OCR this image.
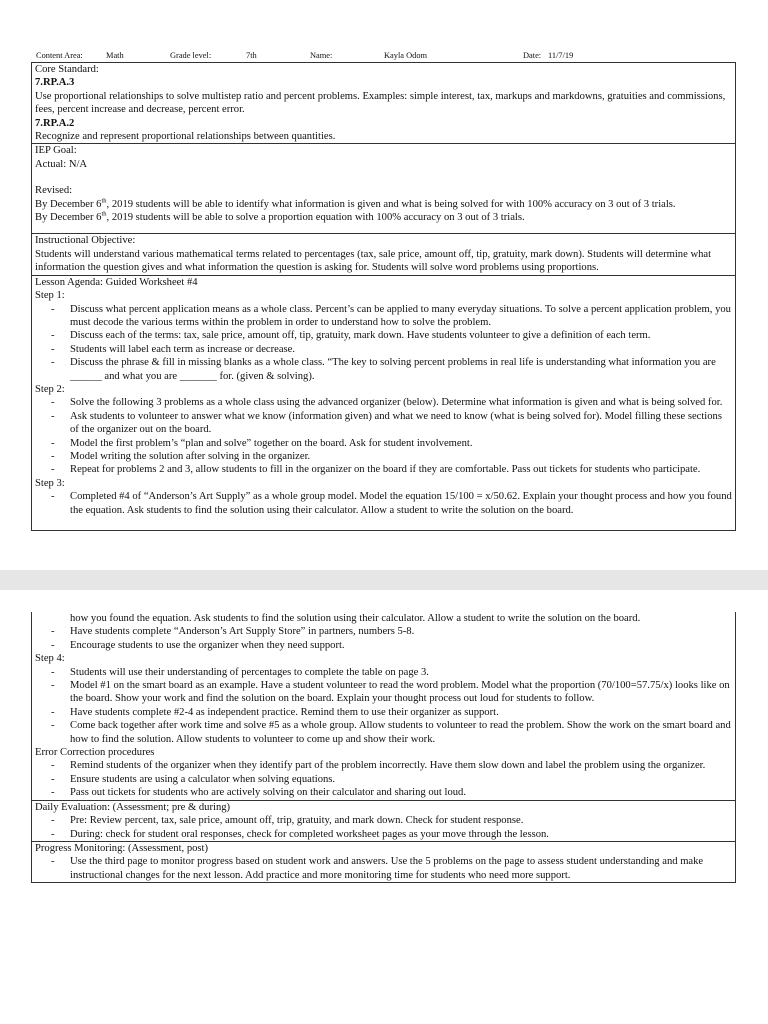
Content Area:	Math	Grade level:	7th	Name:	Kayla Odom	Date: 11/7/19

Core Standard:

7.RP.A.3

Use proportional relationships to solve multistep ratio and percent problems. Examples: simple interest, tax, markups and markdowns, gratuities and commissions, fees, percent increase and decrease, percent error.

7.RP.A.2

Recognize and represent proportional relationships between quantities.

IEP Goal:

Actual: N/A

Revised:

By December 6th, 2019 students will be able to identify what information is given and what is being solved for with 100% accuracy on 3 out of 3 trials.

By December 6th, 2019 students will be able to solve a proportion equation with 100% accuracy on 3 out of 3 trials.

Instructional Objective:

Students will understand various mathematical terms related to percentages (tax, sale price, amount off, tip, gratuity, mark down). Students will determine what information the question gives and what information the question is asking for. Students will solve word problems using proportions.

Lesson Agenda: Guided Worksheet #4

Step 1:

- Discuss what percent application means as a whole class. Percent’s can be applied to many everyday situations. To solve a percent application problem, you must decode the various terms within the problem in order to understand how to solve the problem.
- Discuss each of the terms: tax, sale price, amount off, tip, gratuity, mark down. Have students volunteer to give a definition of each term.
- Students will label each term as increase or decrease.
- Discuss the phrase & fill in missing blanks as a whole class. “The key to solving percent problems in real life is understanding what information you are ______ and what you are _______ for. (given & solving).

Step 2:

- Solve the following 3 problems as a whole class using the advanced organizer (below). Determine what information is given and what is being solved for.
- Ask students to volunteer to answer what we know (information given) and what we need to know (what is being solved for). Model filling these sections of the organizer out on the board.
- Model the first problem’s “plan and solve” together on the board. Ask for student involvement.
- Model writing the solution after solving in the organizer.
- Repeat for problems 2 and 3, allow students to fill in the organizer on the board if they are comfortable. Pass out tickets for students who participate.

Step 3:

- Completed #4 of “Anderson’s Art Supply” as a whole group model. Model the equation 15/100 = x/50.62. Explain your thought process and how you found the equation. Ask students to find the solution using their calculator. Allow a student to write the solution on the board.

how you found the equation. Ask students to find the solution using their calculator. Allow a student to write the solution on the board.

- Have students complete “Anderson’s Art Supply Store” in partners, numbers 5-8.
- Encourage students to use the organizer when they need support.

Step 4:

- Students will use their understanding of percentages to complete the table on page 3.
- Model #1 on the smart board as an example. Have a student volunteer to read the word problem. Model what the proportion (70/100=57.75/x) looks like on the board. Show your work and find the solution on the board. Explain your thought process out loud for students to follow.
- Have students complete #2-4 as independent practice. Remind them to use their organizer as support.
- Come back together after work time and solve #5 as a whole group. Allow students to volunteer to read the problem. Show the work on the smart board and how to find the solution. Allow students to volunteer to come up and show their work.

Error Correction procedures

- Remind students of the organizer when they identify part of the problem incorrectly. Have them slow down and label the problem using the organizer.
- Ensure students are using a calculator when solving equations.
- Pass out tickets for students who are actively solving on their calculator and sharing out loud.

Daily Evaluation: (Assessment; pre & during)

- Pre: Review percent, tax, sale price, amount off, trip, gratuity, and mark down. Check for student response.
- During: check for student oral responses, check for completed worksheet pages as your move through the lesson.

Progress Monitoring: (Assessment, post)

- Use the third page to monitor progress based on student work and answers. Use the 5 problems on the page to assess student understanding and make instructional changes for the next lesson. Add practice and more monitoring time for students who need more support.
